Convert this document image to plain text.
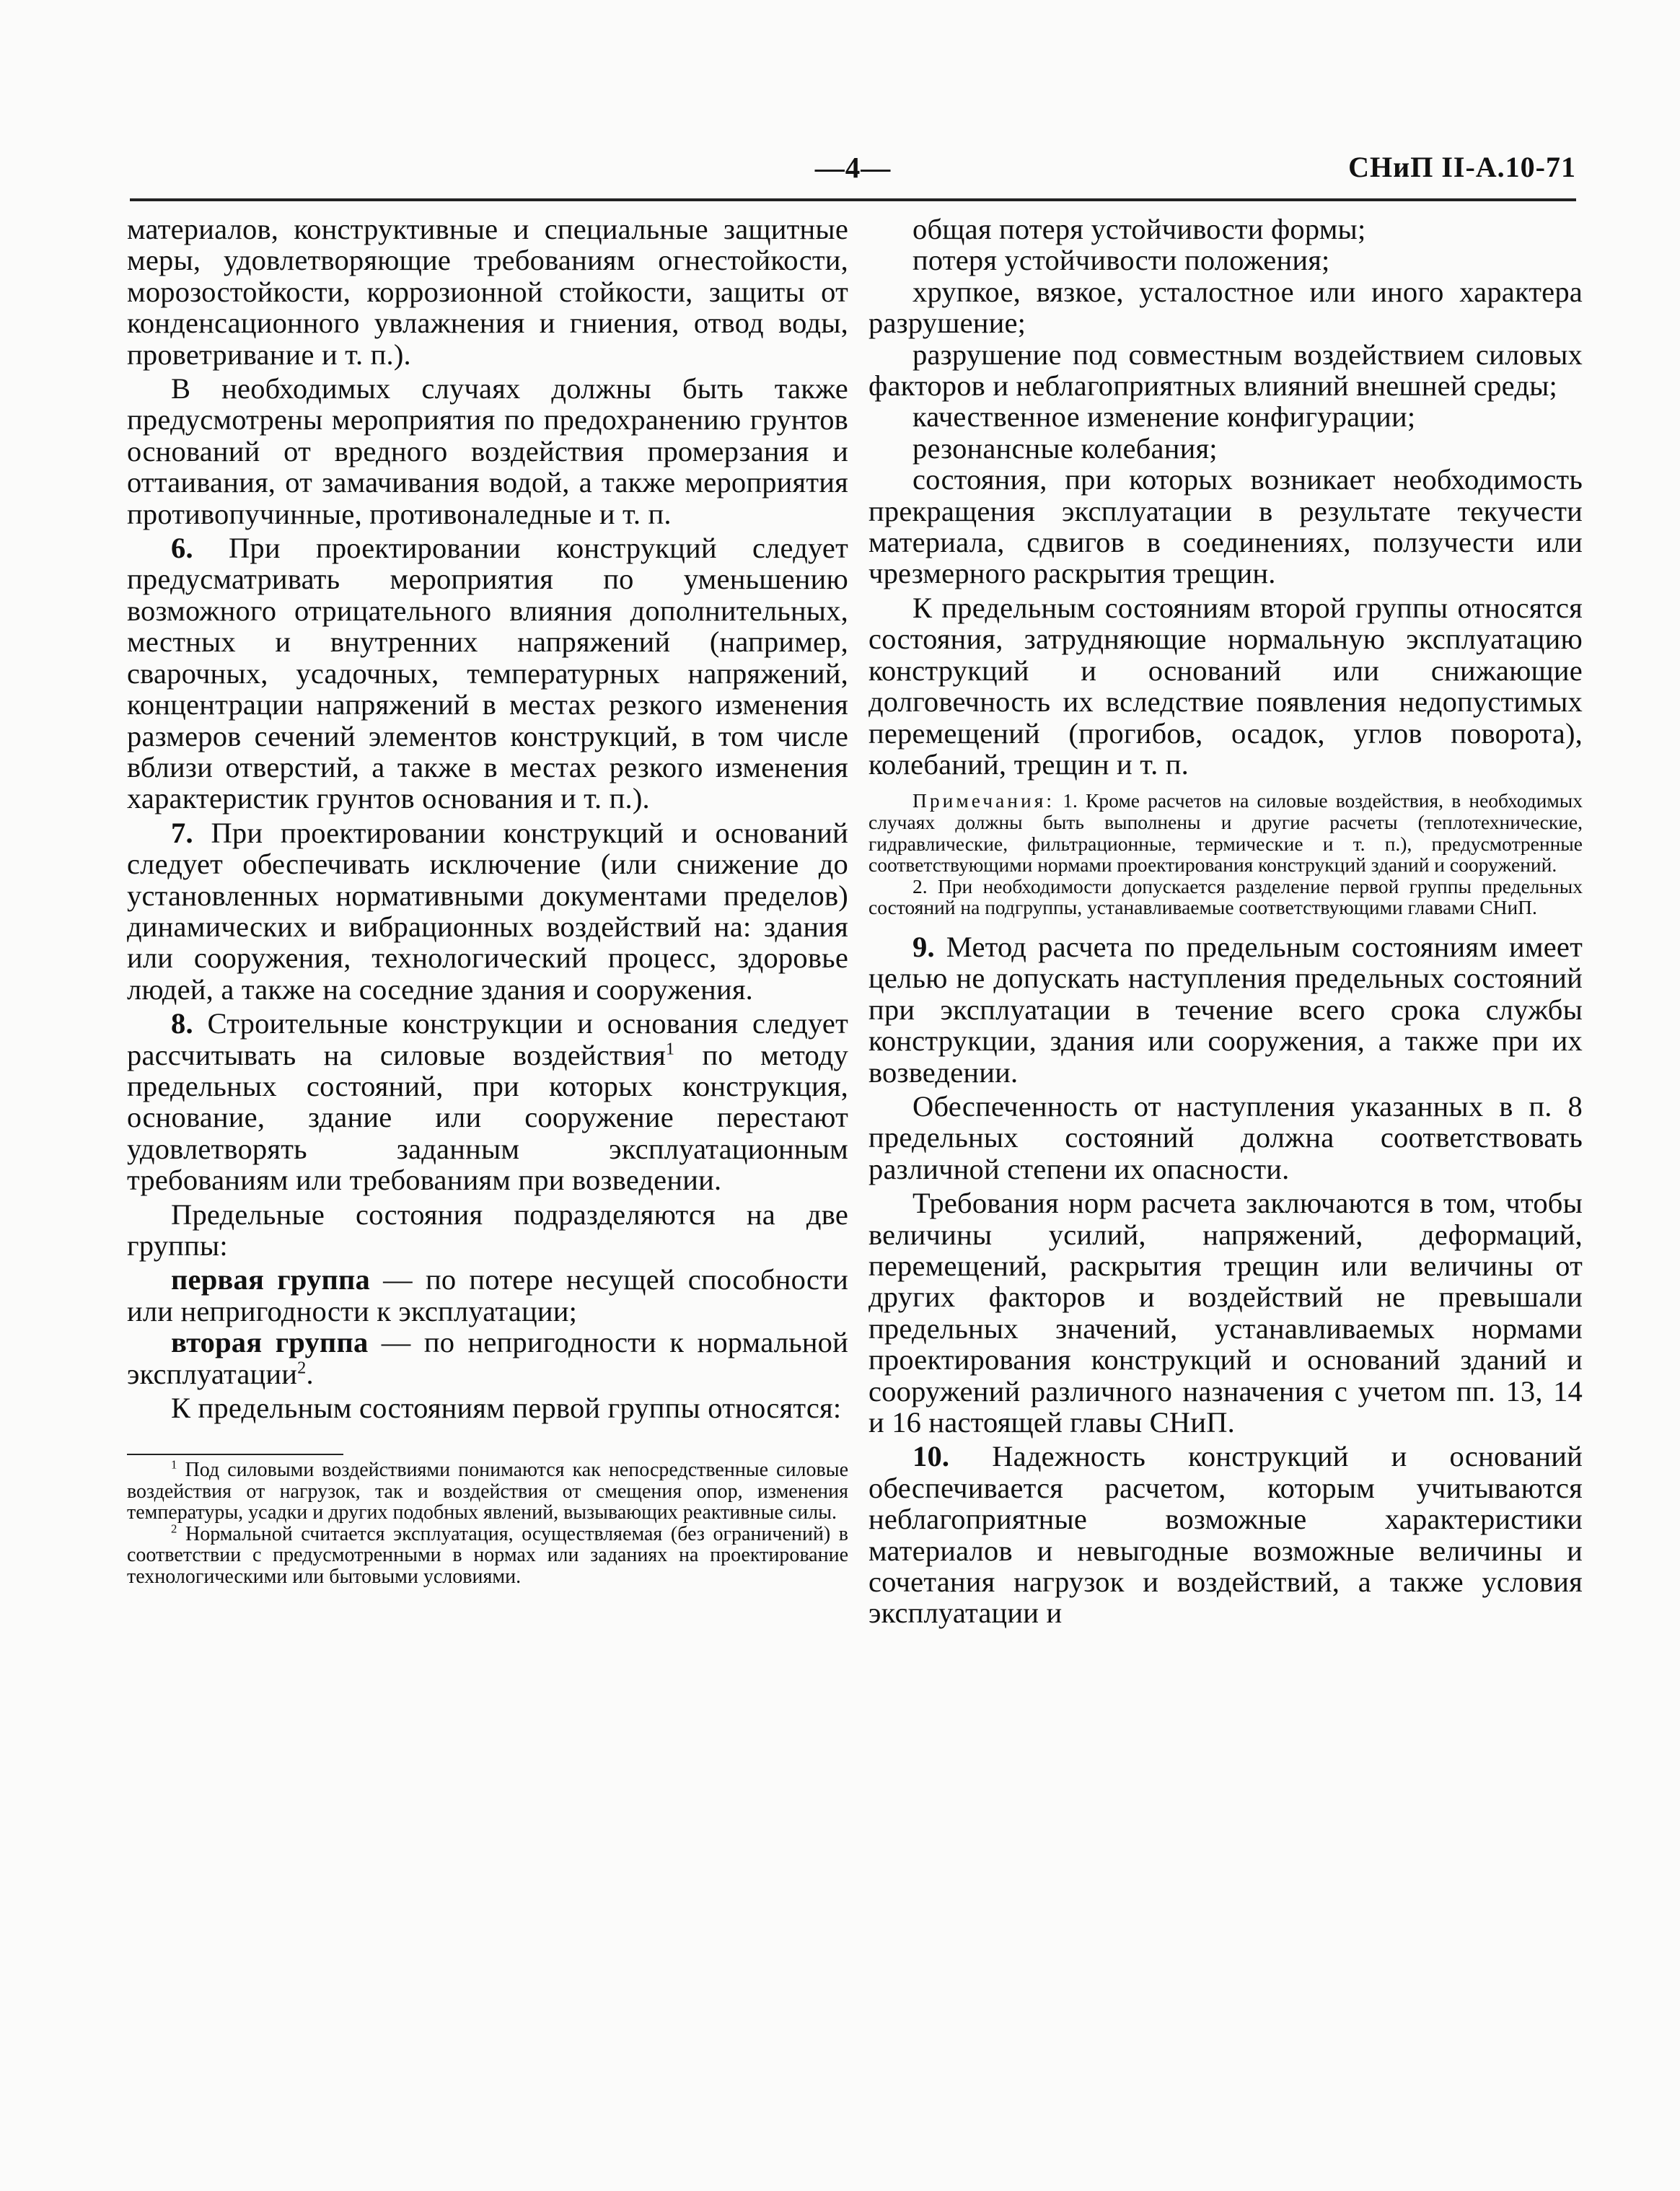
—4—	СНиП II-А.10-71

материалов, конструктивные и специальные защитные меры, удовлетворяющие требованиям огнестойкости, морозостойкости, коррозионной стойкости, защиты от конденсационного увлажнения и гниения, отвод воды, проветривание и т. п.).

В необходимых случаях должны быть также предусмотрены мероприятия по предохранению грунтов оснований от вредного воздействия промерзания и оттаивания, от замачивания водой, а также мероприятия противопучинные, противоналедные и т. п.

6. При проектировании конструкций следует предусматривать мероприятия по уменьшению возможного отрицательного влияния дополнительных, местных и внутренних напряжений (например, сварочных, усадочных, температурных напряжений, концентрации напряжений в местах резкого изменения размеров сечений элементов конструкций, в том числе вблизи отверстий, а также в местах резкого изменения характеристик грунтов основания и т. п.).

7. При проектировании конструкций и оснований следует обеспечивать исключение (или снижение до установленных нормативными документами пределов) динамических и вибрационных воздействий на: здания или сооружения, технологический процесс, здоровье людей, а также на соседние здания и сооружения.

8. Строительные конструкции и основания следует рассчитывать на силовые воздействия$^1$ по методу предельных состояний, при которых конструкция, основание, здание или сооружение перестают удовлетворять заданным эксплуатационным требованиям или требованиям при возведении.

Предельные состояния подразделяются на две группы:

первая группа — по потере несущей способности или непригодности к эксплуатации;

вторая группа — по непригодности к нормальной эксплуатации$^2$.

К предельным состояниям первой группы относятся:

$^1$ Под силовыми воздействиями понимаются как непосредственные силовые воздействия от нагрузок, так и воздействия от смещения опор, изменения температуры, усадки и других подобных явлений, вызывающих реактивные силы.

$^2$ Нормальной считается эксплуатация, осуществляемая (без ограничений) в соответствии с предусмотренными в нормах или заданиях на проектирование технологическими или бытовыми условиями.

общая потеря устойчивости формы;

потеря устойчивости положения;

хрупкое, вязкое, усталостное или иного характера разрушение;

разрушение под совместным воздействием силовых факторов и неблагоприятных влияний внешней среды;

качественное изменение конфигурации;

резонансные колебания;

состояния, при которых возникает необходимость прекращения эксплуатации в результате текучести материала, сдвигов в соединениях, ползучести или чрезмерного раскрытия трещин.

К предельным состояниям второй группы относятся состояния, затрудняющие нормальную эксплуатацию конструкций и оснований или снижающие долговечность их вследствие появления недопустимых перемещений (прогибов, осадок, углов поворота), колебаний, трещин и т. п.

Примечания: 1. Кроме расчетов на силовые воздействия, в необходимых случаях должны быть выполнены и другие расчеты (теплотехнические, гидравлические, фильтрационные, термические и т. п.), предусмотренные соответствующими нормами проектирования конструкций зданий и сооружений.

2. При необходимости допускается разделение первой группы предельных состояний на подгруппы, устанавливаемые соответствующими главами СНиП.

9. Метод расчета по предельным состояниям имеет целью не допускать наступления предельных состояний при эксплуатации в течение всего срока службы конструкции, здания или сооружения, а также при их возведении.

Обеспеченность от наступления указанных в п. 8 предельных состояний должна соответствовать различной степени их опасности.

Требования норм расчета заключаются в том, чтобы величины усилий, напряжений, деформаций, перемещений, раскрытия трещин или величины от других факторов и воздействий не превышали предельных значений, устанавливаемых нормами проектирования конструкций и оснований зданий и сооружений различного назначения с учетом пп. 13, 14 и 16 настоящей главы СНиП.

10. Надежность конструкций и оснований обеспечивается расчетом, которым учитываются неблагоприятные возможные характеристики материалов и невыгодные возможные величины и сочетания нагрузок и воздействий, а также условия эксплуатации и
